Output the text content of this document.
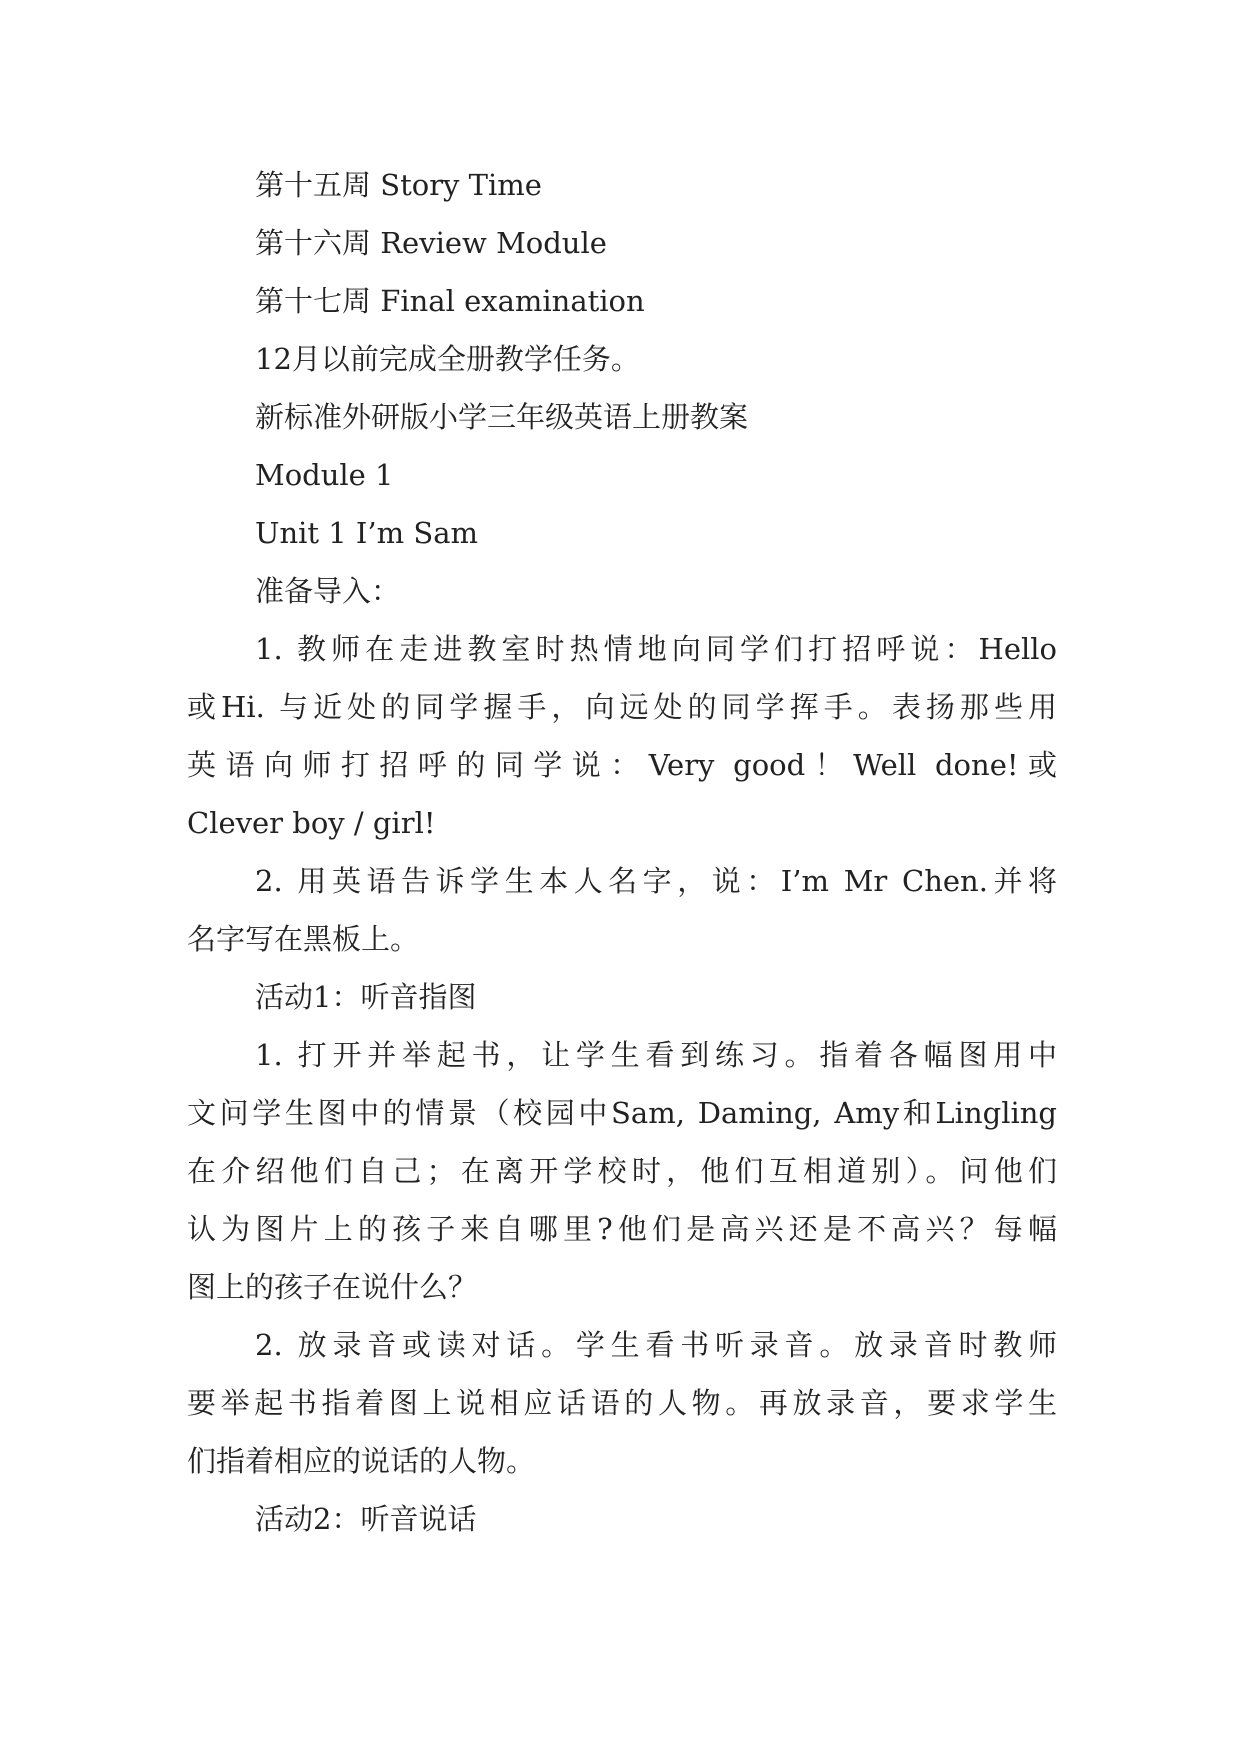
第十五周 Story Time
第十六周 Review Module
第十七周 Final examination
12月以前完成全册教学任务。
新标准外研版小学三年级英语上册教案
Module 1
Unit 1 I’m Sam
准备导入：
1. 教师在走进教室时热情地向同学们打招呼说：Hello
或Hi. 与近处的同学握手，向远处的同学挥手。表扬那些用
英语向师打招呼的同学说：Very good！Well done!或
Clever boy / girl!
2. 用英语告诉学生本人名字，说：I’m Mr Chen.并将
名字写在黑板上。
活动1：听音指图
1. 打开并举起书，让学生看到练习。指着各幅图用中
文问学生图中的情景（校园中Sam, Daming, Amy和Lingling
在介绍他们自己；在离开学校时，他们互相道别）。问他们
认为图片上的孩子来自哪里?他们是高兴还是不高兴？每幅
图上的孩子在说什么？
2. 放录音或读对话。学生看书听录音。放录音时教师
要举起书指着图上说相应话语的人物。再放录音，要求学生
们指着相应的说话的人物。
活动2：听音说话
